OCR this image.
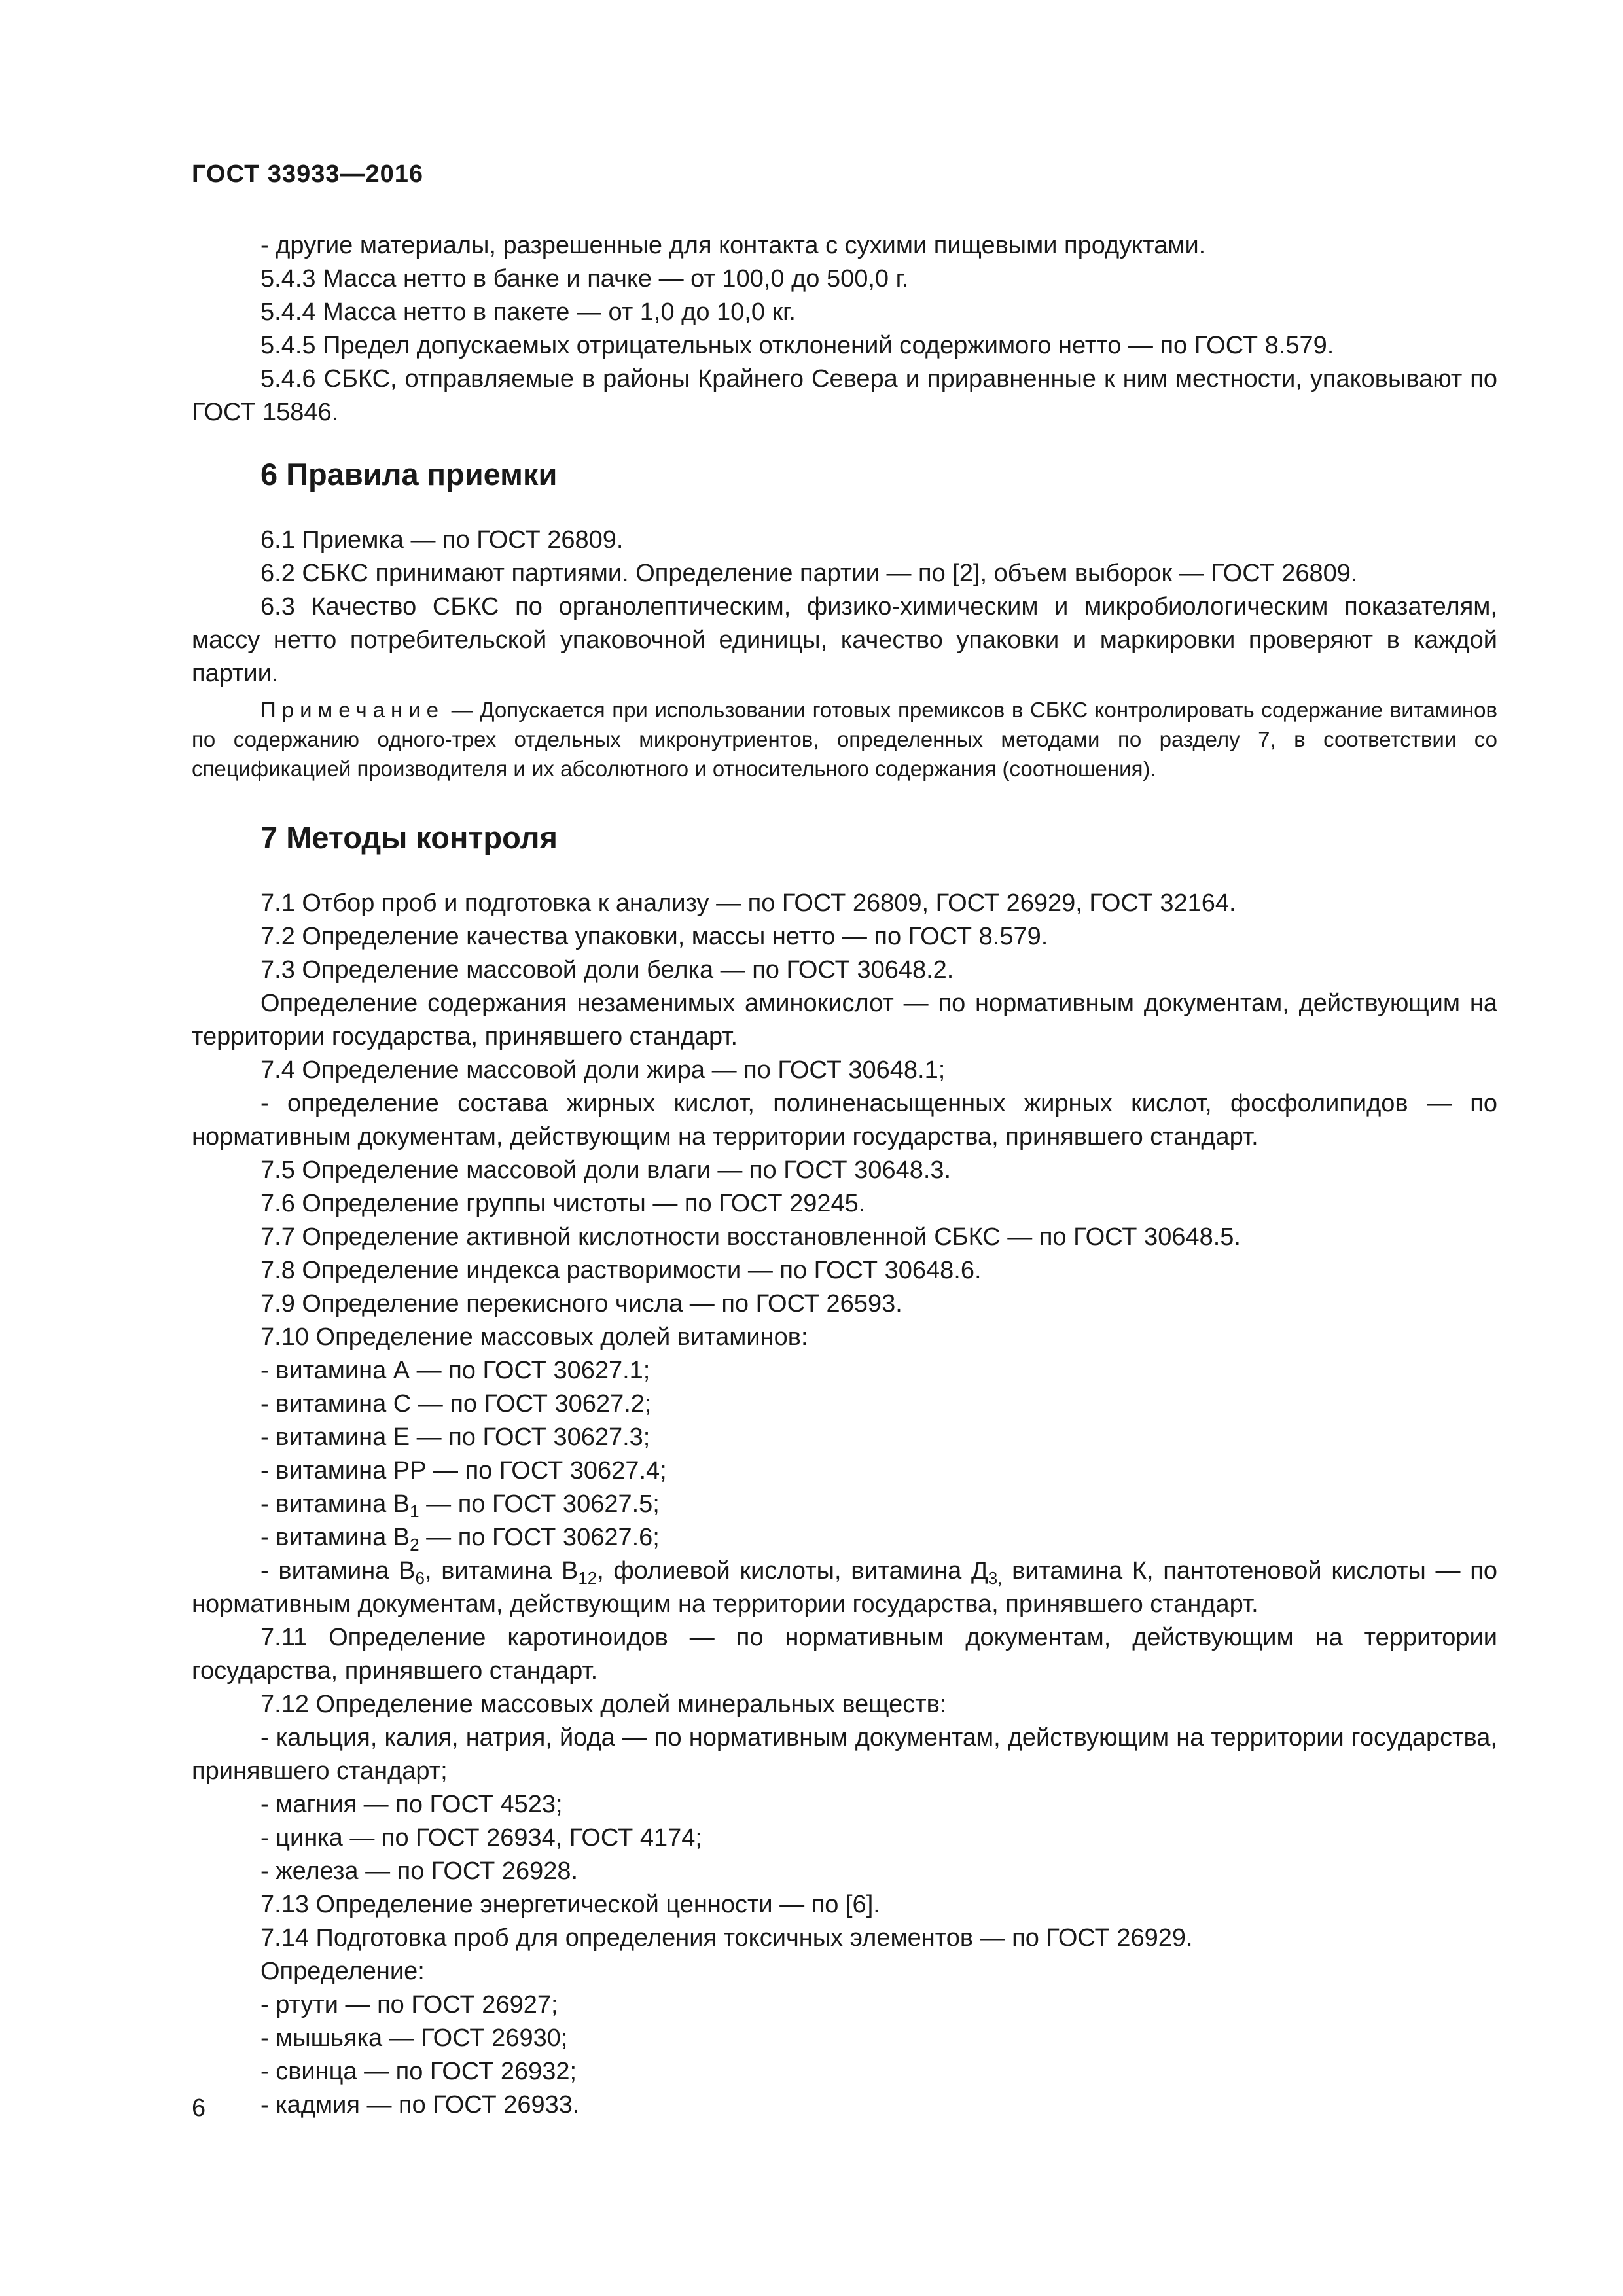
ГОСТ 33933—2016

- другие материалы, разрешенные для контакта с сухими пищевыми продуктами.

5.4.3 Масса нетто в банке и пачке — от 100,0 до 500,0 г.

5.4.4 Масса нетто в пакете — от 1,0 до 10,0 кг.

5.4.5 Предел допускаемых отрицательных отклонений содержимого нетто — по ГОСТ 8.579.

5.4.6 СБКС, отправляемые в районы Крайнего Севера и приравненные к ним местности, упаковывают по ГОСТ 15846.

6 Правила приемки

6.1 Приемка — по ГОСТ 26809.

6.2 СБКС принимают партиями. Определение партии — по [2], объем выборок — ГОСТ 26809.

6.3 Качество СБКС по органолептическим, физико-химическим и микробиологическим показателям, массу нетто потребительской упаковочной единицы, качество упаковки и маркировки проверяют в каждой партии.

Примечание — Допускается при использовании готовых премиксов в СБКС контролировать содержание витаминов по содержанию одного-трех отдельных микронутриентов, определенных методами по разделу 7, в соответствии со спецификацией производителя и их абсолютного и относительного содержания (соотношения).

7 Методы контроля

7.1 Отбор проб и подготовка к анализу — по ГОСТ 26809, ГОСТ 26929, ГОСТ 32164.

7.2 Определение качества упаковки, массы нетто — по ГОСТ 8.579.

7.3 Определение массовой доли белка — по ГОСТ 30648.2.

Определение содержания незаменимых аминокислот — по нормативным документам, действующим на территории государства, принявшего стандарт.

7.4 Определение массовой доли жира — по ГОСТ 30648.1;

- определение состава жирных кислот, полиненасыщенных жирных кислот, фосфолипидов — по нормативным документам, действующим на территории государства, принявшего стандарт.

7.5 Определение массовой доли влаги — по ГОСТ 30648.3.

7.6 Определение группы чистоты — по ГОСТ 29245.

7.7 Определение активной кислотности восстановленной СБКС — по ГОСТ 30648.5.

7.8 Определение индекса растворимости — по ГОСТ 30648.6.

7.9 Определение перекисного числа — по ГОСТ 26593.

7.10 Определение массовых долей витаминов:

- витамина А — по ГОСТ 30627.1;

- витамина С — по ГОСТ 30627.2;

- витамина Е — по ГОСТ 30627.3;

- витамина РР — по ГОСТ 30627.4;

- витамина $В_1$ — по ГОСТ 30627.5;

- витамина $В_2$ — по ГОСТ 30627.6;

- витамина $В_6$, витамина $В_{12}$, фолиевой кислоты, витамина $Д_{3,}$ витамина К, пантотеновой кислоты — по нормативным документам, действующим на территории государства, принявшего стандарт.

7.11 Определение каротиноидов — по нормативным документам, действующим на территории государства, принявшего стандарт.

7.12 Определение массовых долей минеральных веществ:

- кальция, калия, натрия, йода — по нормативным документам, действующим на территории государства, принявшего стандарт;

- магния — по ГОСТ 4523;

- цинка — по ГОСТ 26934, ГОСТ 4174;

- железа — по ГОСТ 26928.

7.13 Определение энергетической ценности — по [6].

7.14 Подготовка проб для определения токсичных элементов — по ГОСТ 26929.

Определение:

- ртути — по ГОСТ 26927;

- мышьяка — ГОСТ 26930;

- свинца — по ГОСТ 26932;

- кадмия — по ГОСТ 26933.

6
